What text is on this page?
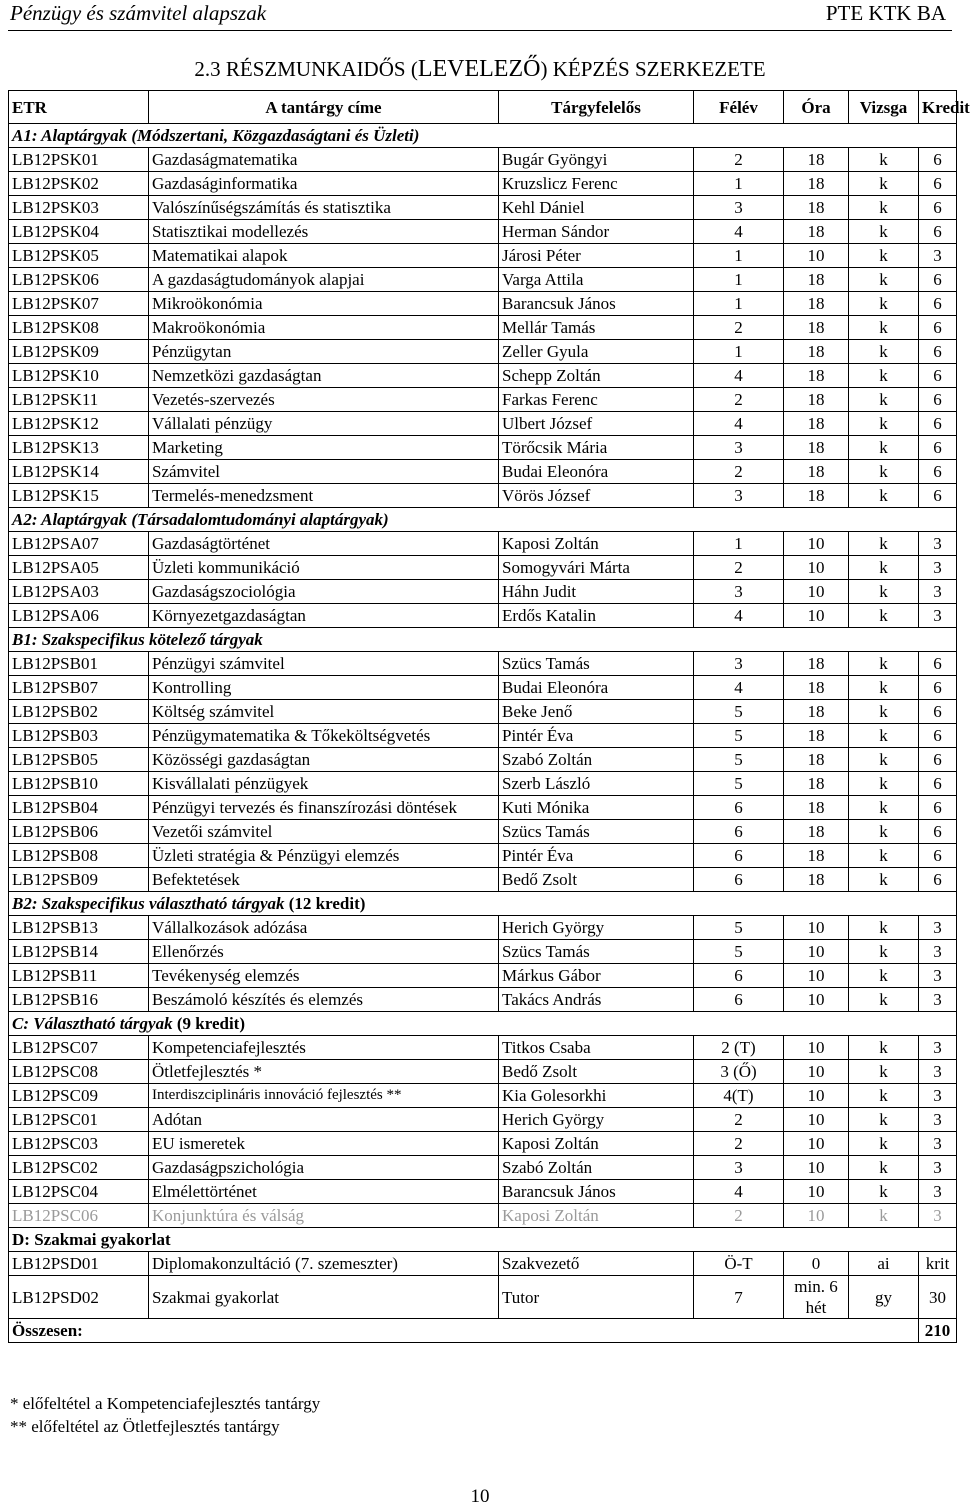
Pénzügy és számvitel alapszak	PTE KTK BA
2.3 RÉSZMUNKAIDŐS (LEVELEZŐ) KÉPZÉS SZERKEZETE
ETR	A tantárgy címe	Tárgyfelelős	Félév	Óra	Vizsga	Kredit
A1: Alaptárgyak (Módszertani, Közgazdaságtani és Üzleti)						
LB12PSK01	Gazdaságmatematika	Bugár Gyöngyi	2	18	k	6
LB12PSK02	Gazdaságinformatika	Kruzslicz Ferenc	1	18	k	6
LB12PSK03	Valószínűségszámítás és statisztika	Kehl Dániel	3	18	k	6
LB12PSK04	Statisztikai modellezés	Herman Sándor	4	18	k	6
LB12PSK05	Matematikai alapok	Járosi Péter	1	10	k	3
LB12PSK06	A gazdaságtudományok alapjai	Varga Attila	1	18	k	6
LB12PSK07	Mikroökonómia	Barancsuk János	1	18	k	6
LB12PSK08	Makroökonómia	Mellár Tamás	2	18	k	6
LB12PSK09	Pénzügytan	Zeller Gyula	1	18	k	6
LB12PSK10	Nemzetközi gazdaságtan	Schepp Zoltán	4	18	k	6
LB12PSK11	Vezetés-szervezés	Farkas Ferenc	2	18	k	6
LB12PSK12	Vállalati pénzügy	Ulbert József	4	18	k	6
LB12PSK13	Marketing	Törőcsik Mária	3	18	k	6
LB12PSK14	Számvitel	Budai Eleonóra	2	18	k	6
LB12PSK15	Termelés-menedzsment	Vörös József	3	18	k	6
A2: Alaptárgyak (Társadalomtudományi alaptárgyak)						
LB12PSA07	Gazdaságtörténet	Kaposi Zoltán	1	10	k	3
LB12PSA05	Üzleti kommunikáció	Somogyvári Márta	2	10	k	3
LB12PSA03	Gazdaságszociológia	Háhn Judit	3	10	k	3
LB12PSA06	Környezetgazdaságtan	Erdős Katalin	4	10	k	3
B1: Szakspecifikus kötelező tárgyak						
LB12PSB01	Pénzügyi számvitel	Szücs Tamás	3	18	k	6
LB12PSB07	Kontrolling	Budai Eleonóra	4	18	k	6
LB12PSB02	Költség számvitel	Beke Jenő	5	18	k	6
LB12PSB03	Pénzügymatematika & Tőkeköltségvetés	Pintér Éva	5	18	k	6
LB12PSB05	Közösségi gazdaságtan	Szabó Zoltán	5	18	k	6
LB12PSB10	Kisvállalati pénzügyek	Szerb László	5	18	k	6
LB12PSB04	Pénzügyi tervezés és finanszírozási döntések	Kuti Mónika	6	18	k	6
LB12PSB06	Vezetői számvitel	Szücs Tamás	6	18	k	6
LB12PSB08	Üzleti stratégia & Pénzügyi elemzés	Pintér Éva	6	18	k	6
LB12PSB09	Befektetések	Bedő Zsolt	6	18	k	6
B2: Szakspecifikus választható tárgyak (12 kredit)						
LB12PSB13	Vállalkozások adózása	Herich György	5	10	k	3
LB12PSB14	Ellenőrzés	Szücs Tamás	5	10	k	3
LB12PSB11	Tevékenység elemzés	Márkus Gábor	6	10	k	3
LB12PSB16	Beszámoló készítés és elemzés	Takács András	6	10	k	3
C: Választható tárgyak (9 kredit)						
LB12PSC07	Kompetenciafejlesztés	Titkos Csaba	2 (T)	10	k	3
LB12PSC08	Ötletfejlesztés *	Bedő Zsolt	3 (Ő)	10	k	3
LB12PSC09	Interdiszciplináris innováció fejlesztés **	Kia Golesorkhi	4(T)	10	k	3
LB12PSC01	Adótan	Herich György	2	10	k	3
LB12PSC03	EU ismeretek	Kaposi Zoltán	2	10	k	3
LB12PSC02	Gazdaságpszichológia	Szabó Zoltán	3	10	k	3
LB12PSC04	Elmélettörténet	Barancsuk János	4	10	k	3
LB12PSC06	Konjunktúra és válság	Kaposi Zoltán	2	10	k	3
D: Szakmai gyakorlat						
LB12PSD01	Diplomakonzultáció (7. szemeszter)	Szakvezető	Ö-T	0	ai	krit
LB12PSD02	Szakmai gyakorlat	Tutor	7	min. 6 hét	gy	30
Összesen:						210
* előfeltétel a Kompetenciafejlesztés tantárgy
** előfeltétel az Ötletfejlesztés tantárgy
10
